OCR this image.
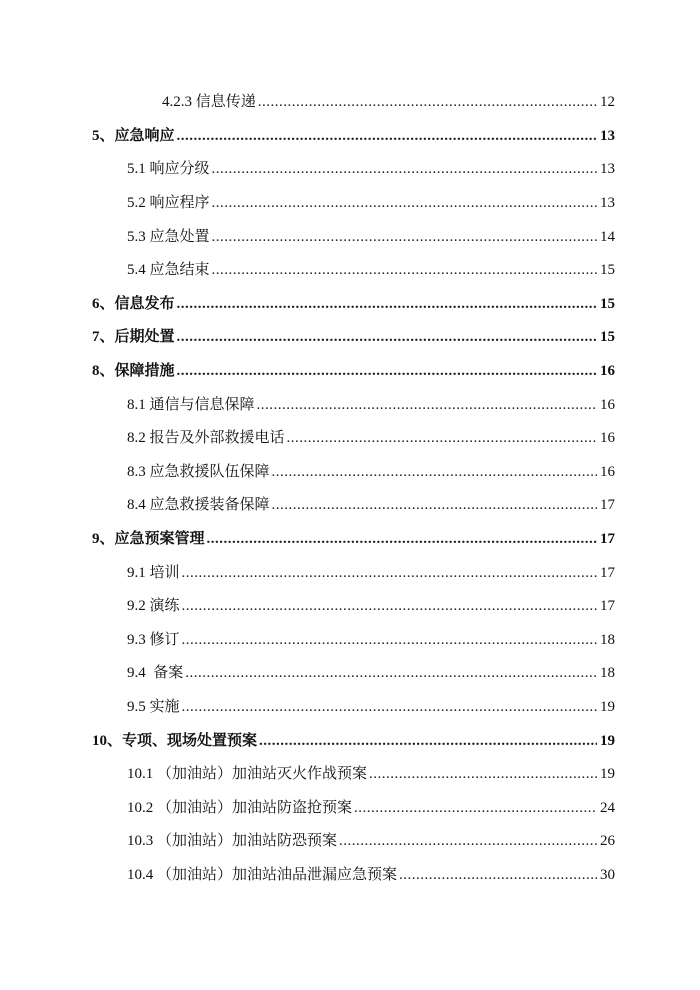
4.2.3 信息传递 .....	12
5、应急响应 .....	13
5.1 响应分级 .....	13
5.2 响应程序 .....	13
5.3 应急处置 .....	14
5.4 应急结束 .....	15
6、信息发布 .....	15
7、后期处置 .....	15
8、保障措施 .....	16
8.1 通信与信息保障 .....	16
8.2 报告及外部救援电话 .....	16
8.3 应急救援队伍保障 .....	16
8.4 应急救援装备保障 .....	17
9、应急预案管理 .....	17
9.1 培训 .....	17
9.2 演练 .....	17
9.3 修订 .....	18
9.4  备案 .....	18
9.5 实施 .....	19
10、专项、现场处置预案 .....	19
10.1 （加油站）加油站灭火作战预案 .....	19
10.2 （加油站）加油站防盗抢预案 .....	24
10.3 （加油站）加油站防恐预案 .....	26
10.4 （加油站）加油站油品泄漏应急预案 .....	30
